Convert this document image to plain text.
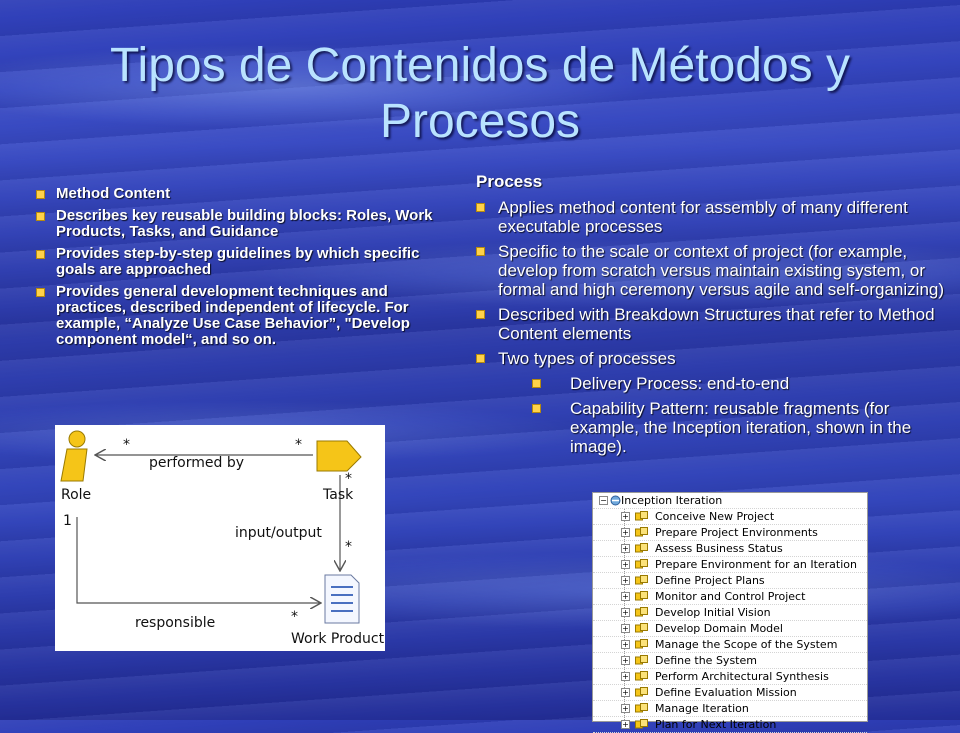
Tipos de Contenidos de Métodos y Procesos
Method Content
Describes key reusable building blocks: Roles, Work Products, Tasks, and Guidance
Provides step-by-step guidelines by which specific goals are approached
Provides general development techniques and practices, described independent of lifecycle. For example, “Analyze Use Case Behavior”, "Develop component model“, and so on.
Process
Applies method content for assembly of many different executable processes
Specific to the scale or context of project (for example, develop from scratch versus maintain existing system, or formal and high ceremony versus agile and self-organizing)
Described with Breakdown Structures that refer to Method Content elements
Two types of processes
Delivery Process: end-to-end
Capability Pattern: reusable fragments (for example, the Inception iteration, shown in the image).
*	*
performed by
Role	Task
*
1
input/output
*
*
responsible
Work Product
− Inception Iteration
+ Conceive New Project
+ Prepare Project Environments
+ Assess Business Status
+ Prepare Environment for an Iteration
+ Define Project Plans
+ Monitor and Control Project
+ Develop Initial Vision
+ Develop Domain Model
+ Manage the Scope of the System
+ Define the System
+ Perform Architectural Synthesis
+ Define Evaluation Mission
+ Manage Iteration
+ Plan for Next Iteration
